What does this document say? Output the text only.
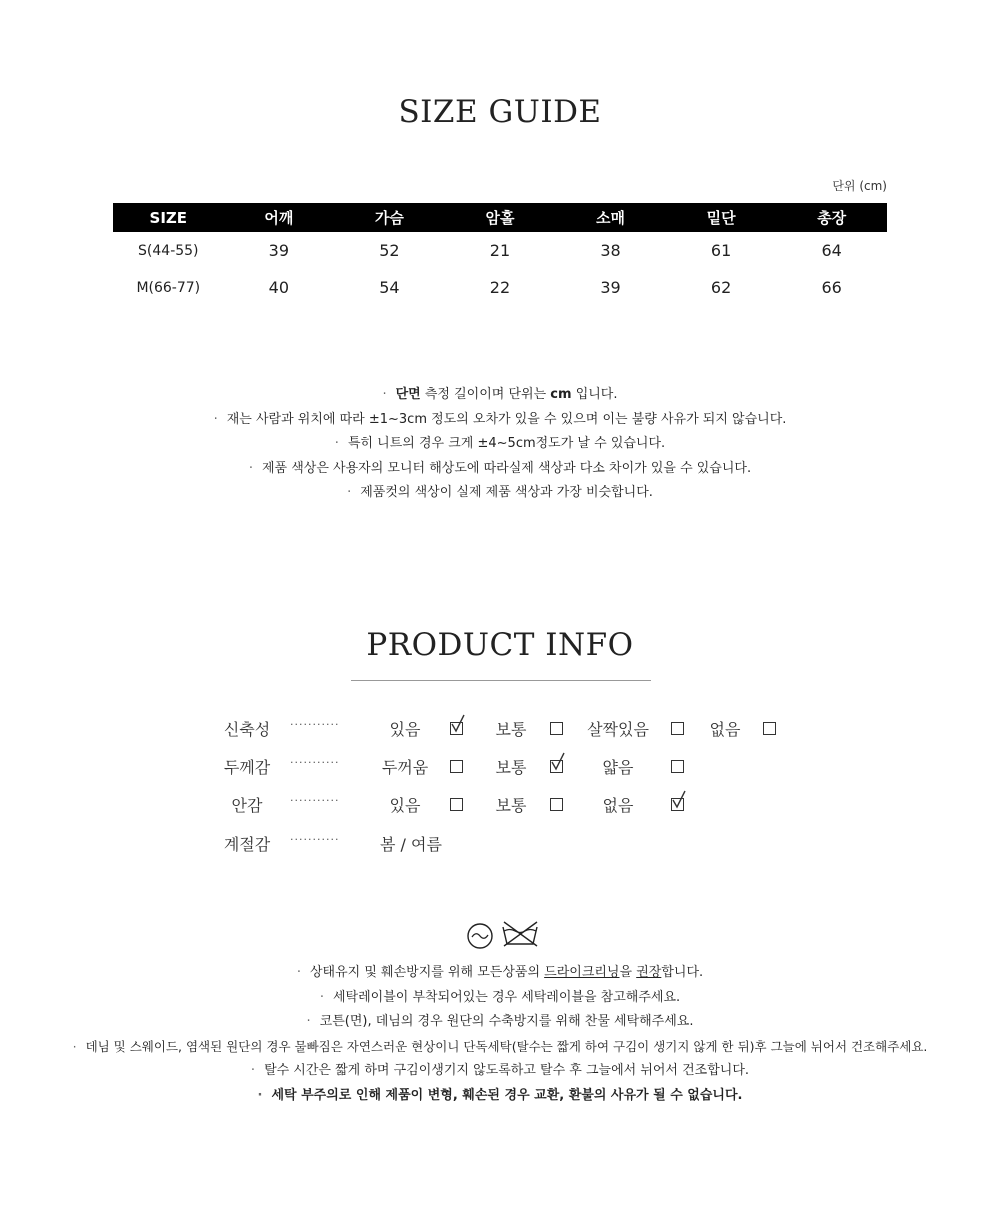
SIZE GUIDE
단위 (cm)
SIZE	어깨	가슴	암홀	소매	밑단	총장
S(44-55)	39	52	21	38	61	64
M(66-77)	40	54	22	39	62	66
· 단면 측정 길이이며 단위는 cm 입니다.
· 재는 사람과 위치에 따라 ±1~3cm 정도의 오차가 있을 수 있으며 이는 불량 사유가 되지 않습니다.
· 특히 니트의 경우 크게 ±4~5cm정도가 날 수 있습니다.
· 제품 색상은 사용자의 모니터 해상도에 따라실제 색상과 다소 차이가 있을 수 있습니다.
· 제품컷의 색상이 실제 제품 색상과 가장 비슷합니다.
PRODUCT INFO
신축성	...........	있음	보통	살짝있음	없음
두께감	...........	두꺼움	보통	얇음
안감	...........	있음	보통	없음
계절감	...........	봄 / 여름
· 상태유지 및 훼손방지를 위해 모든상품의 드라이크리닝을 권장합니다.
· 세탁레이블이 부착되어있는 경우 세탁레이블을 참고해주세요.
· 코튼(면), 데님의 경우 원단의 수축방지를 위해 찬물 세탁해주세요.
· 데님 및 스웨이드, 염색된 원단의 경우 물빠짐은 자연스러운 현상이니 단독세탁(탈수는 짧게 하여 구김이 생기지 않게 한 뒤)후 그늘에 뉘어서 건조해주세요.
· 탈수 시간은 짧게 하며 구김이생기지 않도록하고 탈수 후 그늘에서 뉘어서 건조합니다.
· 세탁 부주의로 인해 제품이 변형, 훼손된 경우 교환, 환불의 사유가 될 수 없습니다.
